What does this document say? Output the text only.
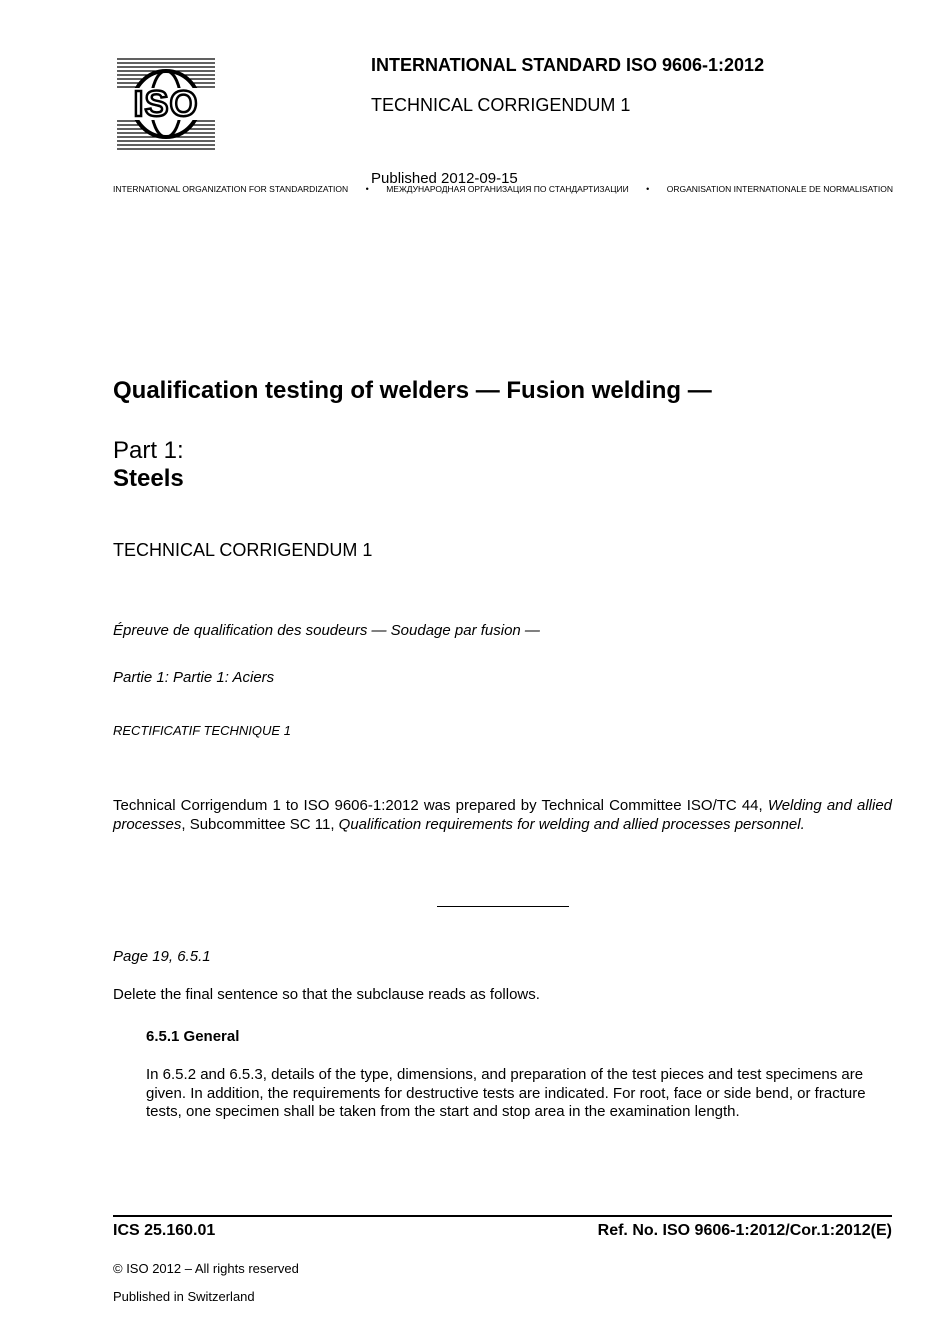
ISO
INTERNATIONAL STANDARD ISO 9606-1:2012
TECHNICAL CORRIGENDUM 1
Published 2012-09-15
INTERNATIONAL ORGANIZATION FOR STANDARDIZATION • МЕЖДУНАРОДНАЯ ОРГАНИЗАЦИЯ ПО СТАНДАРТИЗАЦИИ • ORGANISATION INTERNATIONALE DE NORMALISATION
Qualification testing of welders — Fusion welding —
Part 1:
Steels
TECHNICAL CORRIGENDUM 1
Épreuve de qualification des soudeurs — Soudage par fusion —
Partie 1: Partie 1: Aciers
RECTIFICATIF TECHNIQUE 1
Technical Corrigendum 1 to ISO 9606-1:2012 was prepared by Technical Committee ISO/TC 44, Welding and allied processes, Subcommittee SC 11, Qualification requirements for welding and allied processes personnel.
Page 19, 6.5.1
Delete the final sentence so that the subclause reads as follows.
6.5.1 General
In 6.5.2 and 6.5.3, details of the type, dimensions, and preparation of the test pieces and test specimens are given. In addition, the requirements for destructive tests are indicated. For root, face or side bend, or fracture tests, one specimen shall be taken from the start and stop area in the examination length.
ICS 25.160.01	Ref. No. ISO 9606-1:2012/Cor.1:2012(E)
© ISO 2012 – All rights reserved
Published in Switzerland
